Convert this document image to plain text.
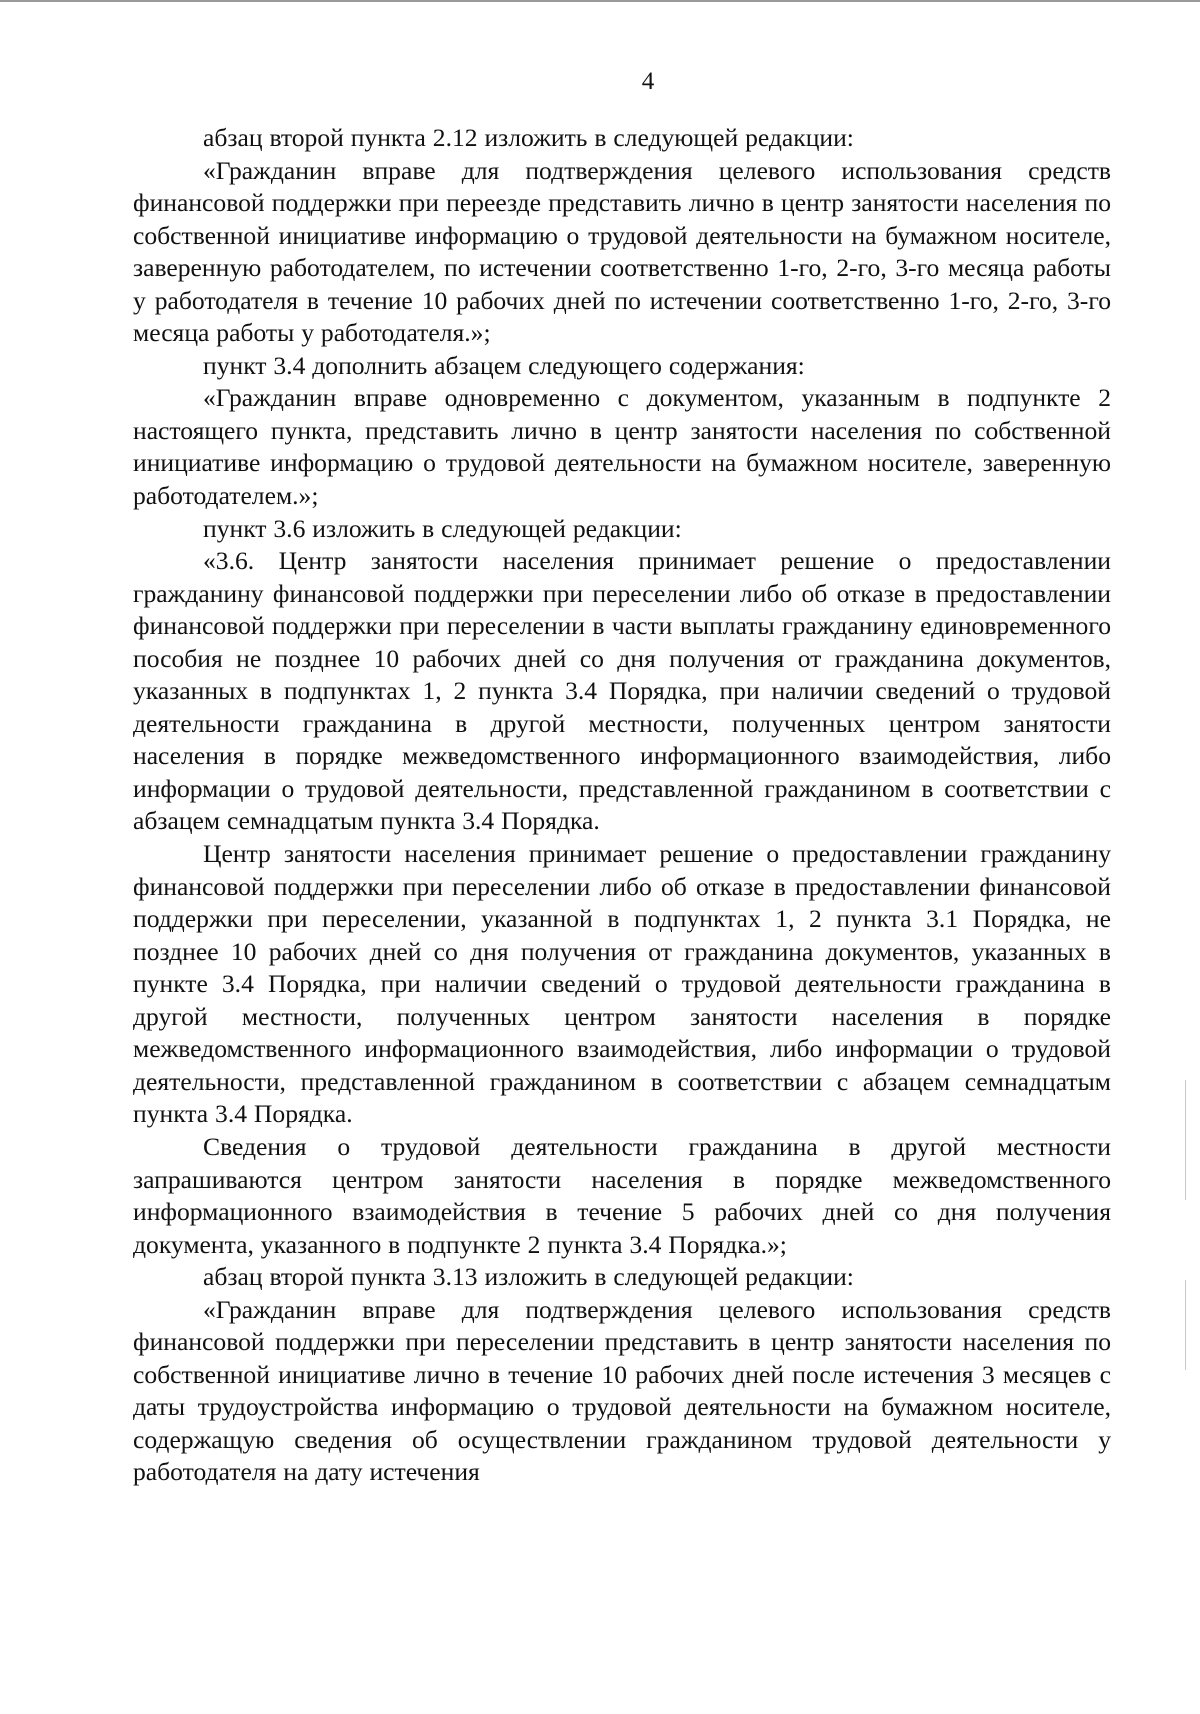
4

абзац второй пункта 2.12 изложить в следующей редакции:

«Гражданин вправе для подтверждения целевого использования средств финансовой поддержки при переезде представить лично в центр занятости населения по собственной инициативе информацию о трудовой деятельности на бумажном носителе, заверенную работодателем, по истечении соответственно 1-го, 2-го, 3-го месяца работы у работодателя в течение 10 рабочих дней по истечении соответственно 1-го, 2-го, 3-го месяца работы у работодателя.»;

пункт 3.4 дополнить абзацем следующего содержания:

«Гражданин вправе одновременно с документом, указанным в подпункте 2 настоящего пункта, представить лично в центр занятости населения по собственной инициативе информацию о трудовой деятельности на бумажном носителе, заверенную работодателем.»;

пункт 3.6 изложить в следующей редакции:

«3.6. Центр занятости населения принимает решение о предоставлении гражданину финансовой поддержки при переселении либо об отказе в предоставлении финансовой поддержки при переселении в части выплаты гражданину единовременного пособия не позднее 10 рабочих дней со дня получения от гражданина документов, указанных в подпунктах 1, 2 пункта 3.4 Порядка, при наличии сведений о трудовой деятельности гражданина в другой местности, полученных центром занятости населения в порядке межведомственного информационного взаимодействия, либо информации о трудовой деятельности, представленной гражданином в соответствии с абзацем семнадцатым пункта 3.4 Порядка.

Центр занятости населения принимает решение о предоставлении гражданину финансовой поддержки при переселении либо об отказе в предоставлении финансовой поддержки при переселении, указанной в подпунктах 1, 2 пункта 3.1 Порядка, не позднее 10 рабочих дней со дня получения от гражданина документов, указанных в пункте 3.4 Порядка, при наличии сведений о трудовой деятельности гражданина в другой местности, полученных центром занятости населения в порядке межведомственного информационного взаимодействия, либо информации о трудовой деятельности, представленной гражданином в соответствии с абзацем семнадцатым пункта 3.4 Порядка.

Сведения о трудовой деятельности гражданина в другой местности запрашиваются центром занятости населения в порядке межведомственного информационного взаимодействия в течение 5 рабочих дней со дня получения документа, указанного в подпункте 2 пункта 3.4 Порядка.»;

абзац второй пункта 3.13 изложить в следующей редакции:

«Гражданин вправе для подтверждения целевого использования средств финансовой поддержки при переселении представить в центр занятости населения по собственной инициативе лично в течение 10 рабочих дней после истечения 3 месяцев с даты трудоустройства информацию о трудовой деятельности на бумажном носителе, содержащую сведения об осуществлении гражданином трудовой деятельности у работодателя на дату истечения
